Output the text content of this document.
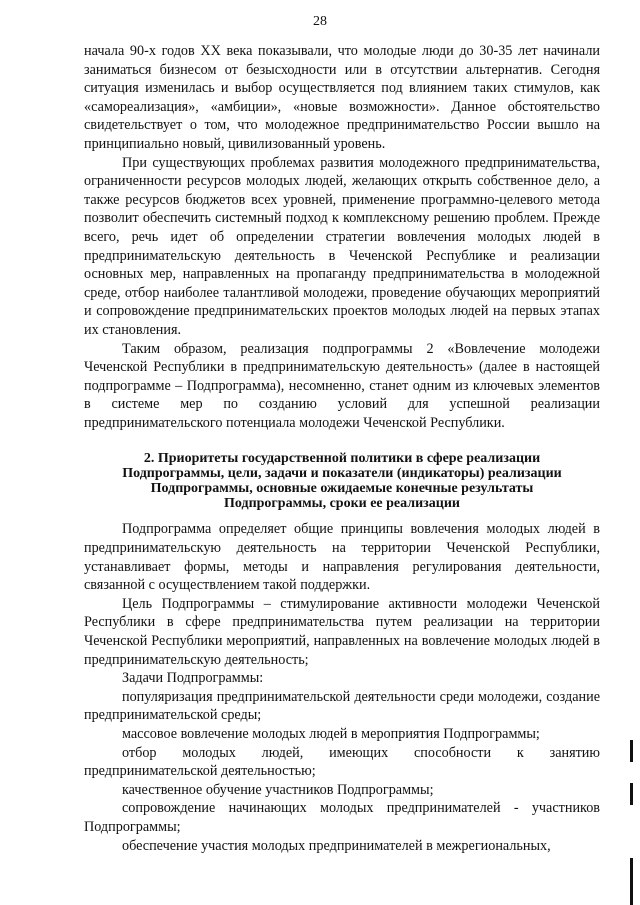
28

начала 90-х годов XX века показывали, что молодые люди до 30-35 лет начинали заниматься бизнесом от безысходности или в отсутствии альтернатив. Сегодня ситуация изменилась и выбор осуществляется под влиянием таких стимулов, как «самореализация», «амбиции», «новые возможности». Данное обстоятельство свидетельствует о том, что молодежное предпринимательство России вышло на принципиально новый, цивилизованный уровень.

При существующих проблемах развития молодежного предпринимательства, ограниченности ресурсов молодых людей, желающих открыть собственное дело, а также ресурсов бюджетов всех уровней, применение программно-целевого метода позволит обеспечить системный подход к комплексному решению проблем. Прежде всего, речь идет об определении стратегии вовлечения молодых людей в предпринимательскую деятельность в Чеченской Республике и реализации основных мер, направленных на пропаганду предпринимательства в молодежной среде, отбор наиболее талантливой молодежи, проведение обучающих мероприятий и сопровождение предпринимательских проектов молодых людей на первых этапах их становления.

Таким образом, реализация подпрограммы 2 «Вовлечение молодежи Чеченской Республики в предпринимательскую деятельность» (далее в настоящей подпрограмме – Подпрограмма), несомненно, станет одним из ключевых элементов в системе мер по созданию условий для успешной реализации предпринимательского потенциала молодежи Чеченской Республики.

2. Приоритеты государственной политики в сфере реализации
Подпрограммы, цели, задачи и показатели (индикаторы) реализации
Подпрограммы, основные ожидаемые конечные результаты
Подпрограммы, сроки ее реализации

Подпрограмма определяет общие принципы вовлечения молодых людей в предпринимательскую деятельность на территории Чеченской Республики, устанавливает формы, методы и направления регулирования деятельности, связанной с осуществлением такой поддержки.

Цель Подпрограммы – стимулирование активности молодежи Чеченской Республики в сфере предпринимательства путем реализации на территории Чеченской Республики мероприятий, направленных на вовлечение молодых людей в предпринимательскую деятельность;

Задачи Подпрограммы:

популяризация предпринимательской деятельности среди молодежи, создание предпринимательской среды;

массовое вовлечение молодых людей в мероприятия Подпрограммы;

отбор молодых людей, имеющих способности к занятию предпринимательской деятельностью;

качественное обучение участников Подпрограммы;

сопровождение начинающих молодых предпринимателей - участников Подпрограммы;

обеспечение участия молодых предпринимателей в межрегиональных,
